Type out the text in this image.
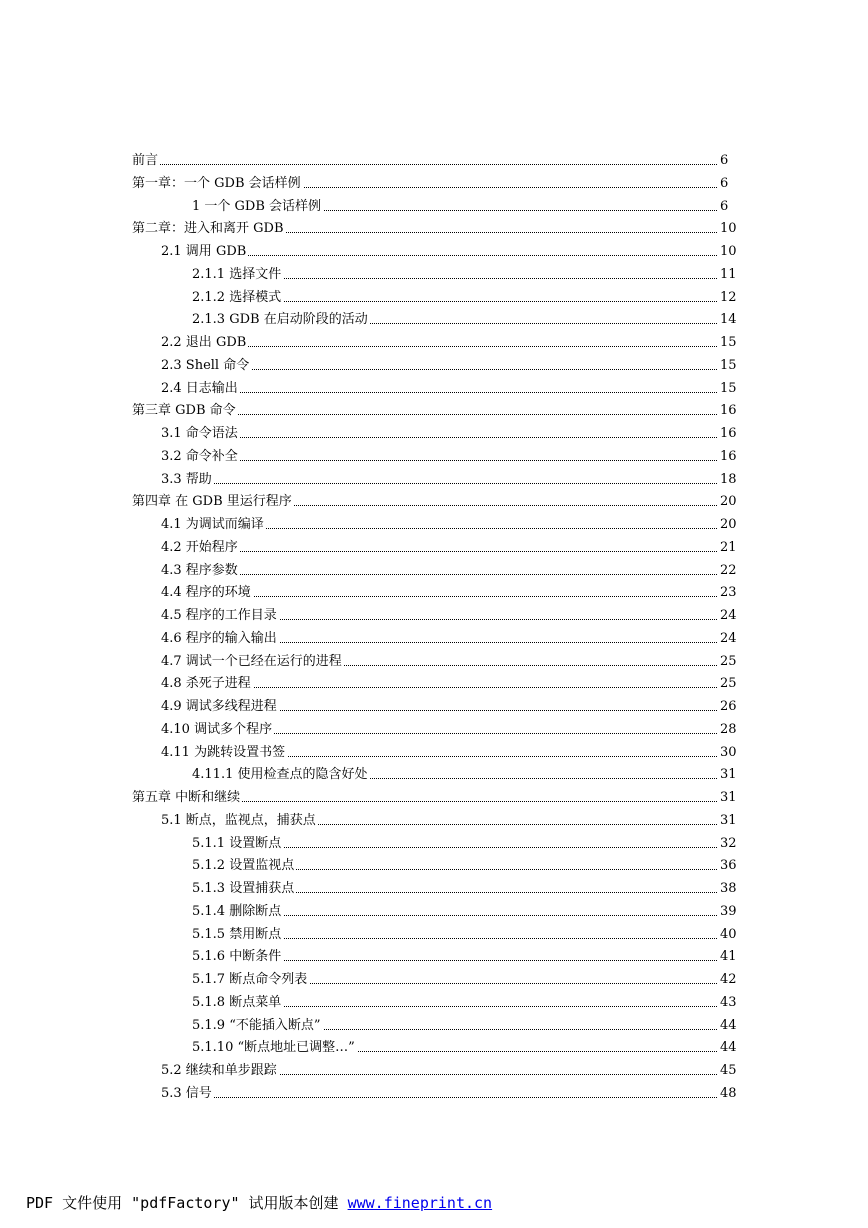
前言	6
第一章：一个 GDB 会话样例	6
1 一个 GDB 会话样例	6
第二章：进入和离开 GDB	10
2.1 调用 GDB	10
2.1.1 选择文件	11
2.1.2 选择模式	12
2.1.3 GDB 在启动阶段的活动	14
2.2 退出 GDB	15
2.3 Shell 命令	15
2.4 日志输出	15
第三章 GDB 命令	16
3.1 命令语法	16
3.2 命令补全	16
3.3 帮助	18
第四章 在 GDB 里运行程序	20
4.1 为调试而编译	20
4.2 开始程序	21
4.3 程序参数	22
4.4 程序的环境	23
4.5 程序的工作目录	24
4.6 程序的输入输出	24
4.7 调试一个已经在运行的进程	25
4.8 杀死子进程	25
4.9 调试多线程进程	26
4.10 调试多个程序	28
4.11 为跳转设置书签	30
4.11.1 使用检查点的隐含好处	31
第五章 中断和继续	31
5.1 断点，监视点，捕获点	31
5.1.1 设置断点	32
5.1.2 设置监视点	36
5.1.3 设置捕获点	38
5.1.4 删除断点	39
5.1.5 禁用断点	40
5.1.6 中断条件	41
5.1.7 断点命令列表	42
5.1.8 断点菜单	43
5.1.9 “不能插入断点”	44
5.1.10 “断点地址已调整…”	44
5.2 继续和单步跟踪	45
5.3 信号	48
PDF 文件使用 "pdfFactory" 试用版本创建 www.fineprint.cn
